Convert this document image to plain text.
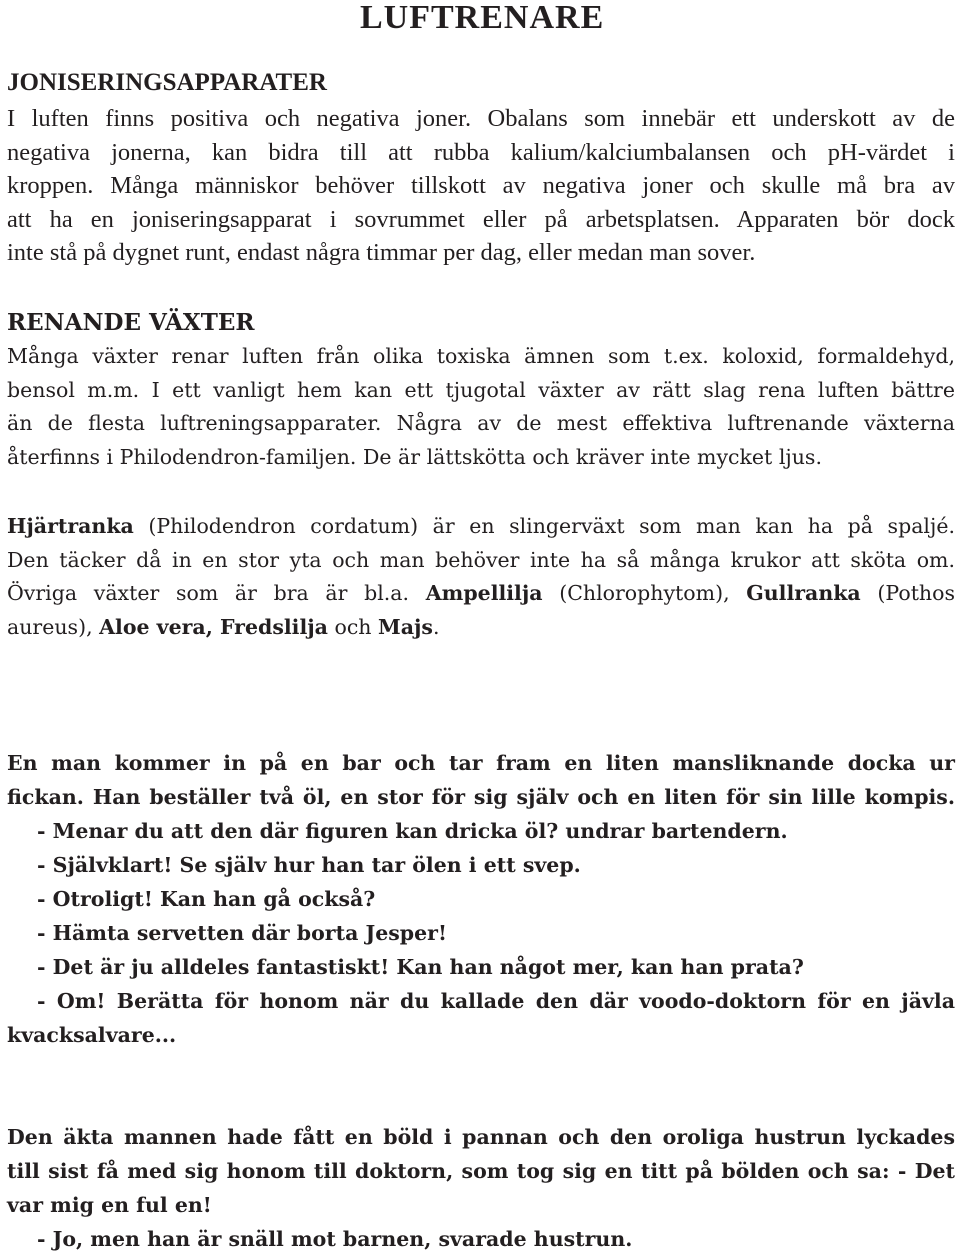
LUFTRENARE
JONISERINGSAPPARATER
I luften finns positiva och negativa joner. Obalans som innebär ett underskott av de
negativa jonerna, kan bidra till att rubba kalium/kalciumbalansen och pH-värdet i
kroppen. Många människor behöver tillskott av negativa joner och skulle må bra av
att ha en joniseringsapparat i sovrummet eller på arbetsplatsen. Apparaten bör dock
inte stå på dygnet runt, endast några timmar per dag, eller medan man sover.
RENANDE VÄXTER
Många växter renar luften från olika toxiska ämnen som t.ex. koloxid, formaldehyd,
bensol m.m. I ett vanligt hem kan ett tjugotal växter av rätt slag rena luften bättre
än de flesta luftreningsapparater. Några av de mest effektiva luftrenande växterna
återfinns i Philodendron-familjen. De är lättskötta och kräver inte mycket ljus.
Hjärtranka (Philodendron cordatum) är en slingerväxt som man kan ha på spaljé.
Den täcker då in en stor yta och man behöver inte ha så många krukor att sköta om.
Övriga växter som är bra är bl.a. Ampellilja (Chlorophytom), Gullranka (Pothos
aureus), Aloe vera, Fredslilja och Majs.
En man kommer in på en bar och tar fram en liten mansliknande docka ur
fickan. Han beställer två öl, en stor för sig själv och en liten för sin lille kompis.
- Menar du att den där figuren kan dricka öl? undrar bartendern.
- Självklart! Se själv hur han tar ölen i ett svep.
- Otroligt! Kan han gå också?
- Hämta servetten där borta Jesper!
- Det är ju alldeles fantastiskt! Kan han något mer, kan han prata?
- Om! Berätta för honom när du kallade den där voodo-doktorn för en jävla
kvacksalvare...
Den äkta mannen hade fått en böld i pannan och den oroliga hustrun lyckades
till sist få med sig honom till doktorn, som tog sig en titt på bölden och sa: - Det
var mig en ful en!
- Jo, men han är snäll mot barnen, svarade hustrun.
